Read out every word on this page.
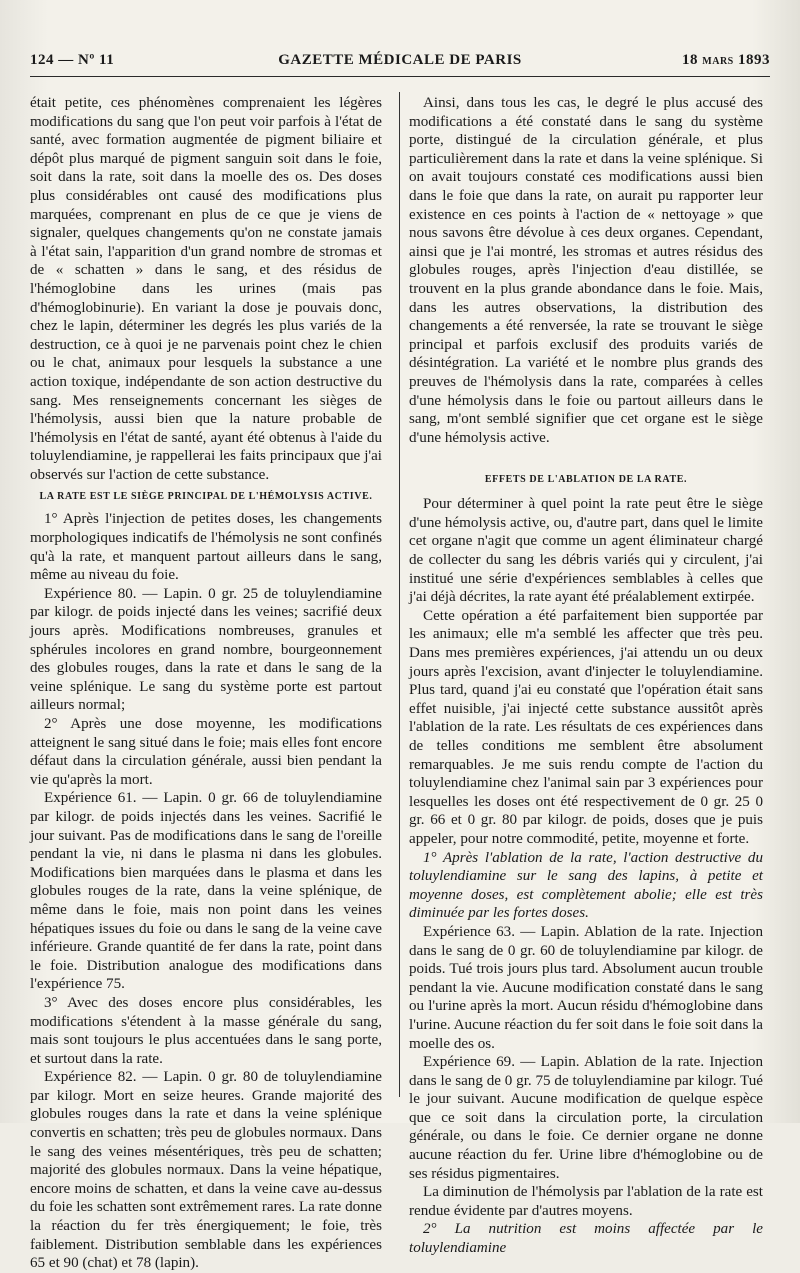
124 — Nº 11	GAZETTE MÉDICALE DE PARIS	18 MARS 1893

était petite, ces phénomènes comprenaient les légères modifications du sang que l'on peut voir parfois à l'état de santé, avec formation augmentée de pigment biliaire et dépôt plus marqué de pigment sanguin soit dans le foie, soit dans la rate, soit dans la moelle des os. Des doses plus considérables ont causé des modifications plus marquées, comprenant en plus de ce que je viens de signaler, quelques changements qu'on ne constate jamais à l'état sain, l'apparition d'un grand nombre de stromas et de « schatten » dans le sang, et des résidus de l'hémoglobine dans les urines (mais pas d'hémoglobinurie). En variant la dose je pouvais donc, chez le lapin, déterminer les degrés les plus variés de la destruction, ce à quoi je ne parvenais point chez le chien ou le chat, animaux pour lesquels la substance a une action toxique, indépendante de son action destructive du sang. Mes renseignements concernant les sièges de l'hémolysis, aussi bien que la nature probable de l'hémolysis en l'état de santé, ayant été obtenus à l'aide du toluylendiamine, je rappellerai les faits principaux que j'ai observés sur l'action de cette substance.

LA RATE EST LE SIÈGE PRINCIPAL DE L'HÉMOLYSIS ACTIVE.

1° Après l'injection de petites doses, les changements morphologiques indicatifs de l'hémolysis ne sont confinés qu'à la rate, et manquent partout ailleurs dans le sang, même au niveau du foie.

Expérience 80. — Lapin. 0 gr. 25 de toluylendiamine par kilogr. de poids injecté dans les veines; sacrifié deux jours après. Modifications nombreuses, granules et sphérules incolores en grand nombre, bourgeonnement des globules rouges, dans la rate et dans le sang de la veine splénique. Le sang du système porte est partout ailleurs normal;

2° Après une dose moyenne, les modifications atteignent le sang situé dans le foie; mais elles font encore défaut dans la circulation générale, aussi bien pendant la vie qu'après la mort.

Expérience 61. — Lapin. 0 gr. 66 de toluylendiamine par kilogr. de poids injectés dans les veines. Sacrifié le jour suivant. Pas de modifications dans le sang de l'oreille pendant la vie, ni dans le plasma ni dans les globules. Modifications bien marquées dans le plasma et dans les globules rouges de la rate, dans la veine splénique, de même dans le foie, mais non point dans les veines hépatiques issues du foie ou dans le sang de la veine cave inférieure. Grande quantité de fer dans la rate, point dans le foie. Distribution analogue des modifications dans l'expérience 75.

3° Avec des doses encore plus considérables, les modifications s'étendent à la masse générale du sang, mais sont toujours le plus accentuées dans le sang porte, et surtout dans la rate.

Expérience 82. — Lapin. 0 gr. 80 de toluylendiamine par kilogr. Mort en seize heures. Grande majorité des globules rouges dans la rate et dans la veine splénique convertis en schatten; très peu de globules normaux. Dans le sang des veines mésentériques, très peu de schatten; majorité des globules normaux. Dans la veine hépatique, encore moins de schatten, et dans la veine cave au-dessus du foie les schatten sont extrêmement rares. La rate donne la réaction du fer très énergiquement; le foie, très faiblement. Distribution semblable dans les expériences 65 et 90 (chat) et 78 (lapin).

Ainsi, dans tous les cas, le degré le plus accusé des modifications a été constaté dans le sang du système porte, distingué de la circulation générale, et plus particulièrement dans la rate et dans la veine splénique. Si on avait toujours constaté ces modifications aussi bien dans le foie que dans la rate, on aurait pu rapporter leur existence en ces points à l'action de « nettoyage » que nous savons être dévolue à ces deux organes. Cependant, ainsi que je l'ai montré, les stromas et autres résidus des globules rouges, après l'injection d'eau distillée, se trouvent en la plus grande abondance dans le foie. Mais, dans les autres observations, la distribution des changements a été renversée, la rate se trouvant le siège principal et parfois exclusif des produits variés de désintégration. La variété et le nombre plus grands des preuves de l'hémolysis dans la rate, comparées à celles d'une hémolysis dans le foie ou partout ailleurs dans le sang, m'ont semblé signifier que cet organe est le siège d'une hémolysis active.

EFFETS DE L'ABLATION DE LA RATE.

Pour déterminer à quel point la rate peut être le siège d'une hémolysis active, ou, d'autre part, dans quel le limite cet organe n'agit que comme un agent éliminateur chargé de collecter du sang les débris variés qui y circulent, j'ai institué une série d'expériences semblables à celles que j'ai déjà décrites, la rate ayant été préalablement extirpée.

Cette opération a été parfaitement bien supportée par les animaux; elle m'a semblé les affecter que très peu. Dans mes premières expériences, j'ai attendu un ou deux jours après l'excision, avant d'injecter le toluylendiamine. Plus tard, quand j'ai eu constaté que l'opération était sans effet nuisible, j'ai injecté cette substance aussitôt après l'ablation de la rate. Les résultats de ces expériences dans de telles conditions me semblent être absolument remarquables. Je me suis rendu compte de l'action du toluylendiamine chez l'animal sain par 3 expériences pour lesquelles les doses ont été respectivement de 0 gr. 25 0 gr. 66 et 0 gr. 80 par kilogr. de poids, doses que je puis appeler, pour notre commodité, petite, moyenne et forte.

1° Après l'ablation de la rate, l'action destructive du toluylendiamine sur le sang des lapins, à petite et moyenne doses, est complètement abolie; elle est très diminuée par les fortes doses.

Expérience 63. — Lapin. Ablation de la rate. Injection dans le sang de 0 gr. 60 de toluylendiamine par kilogr. de poids. Tué trois jours plus tard. Absolument aucun trouble pendant la vie. Aucune modification constaté dans le sang ou l'urine après la mort. Aucun résidu d'hémoglobine dans l'urine. Aucune réaction du fer soit dans le foie soit dans la moelle des os.

Expérience 69. — Lapin. Ablation de la rate. Injection dans le sang de 0 gr. 75 de toluylendiamine par kilogr. Tué le jour suivant. Aucune modification de quelque espèce que ce soit dans la circulation porte, la circulation générale, ou dans le foie. Ce dernier organe ne donne aucune réaction du fer. Urine libre d'hémoglobine ou de ses résidus pigmentaires.

La diminution de l'hémolysis par l'ablation de la rate est rendue évidente par d'autres moyens.

2° La nutrition est moins affectée par le toluylendiamine
